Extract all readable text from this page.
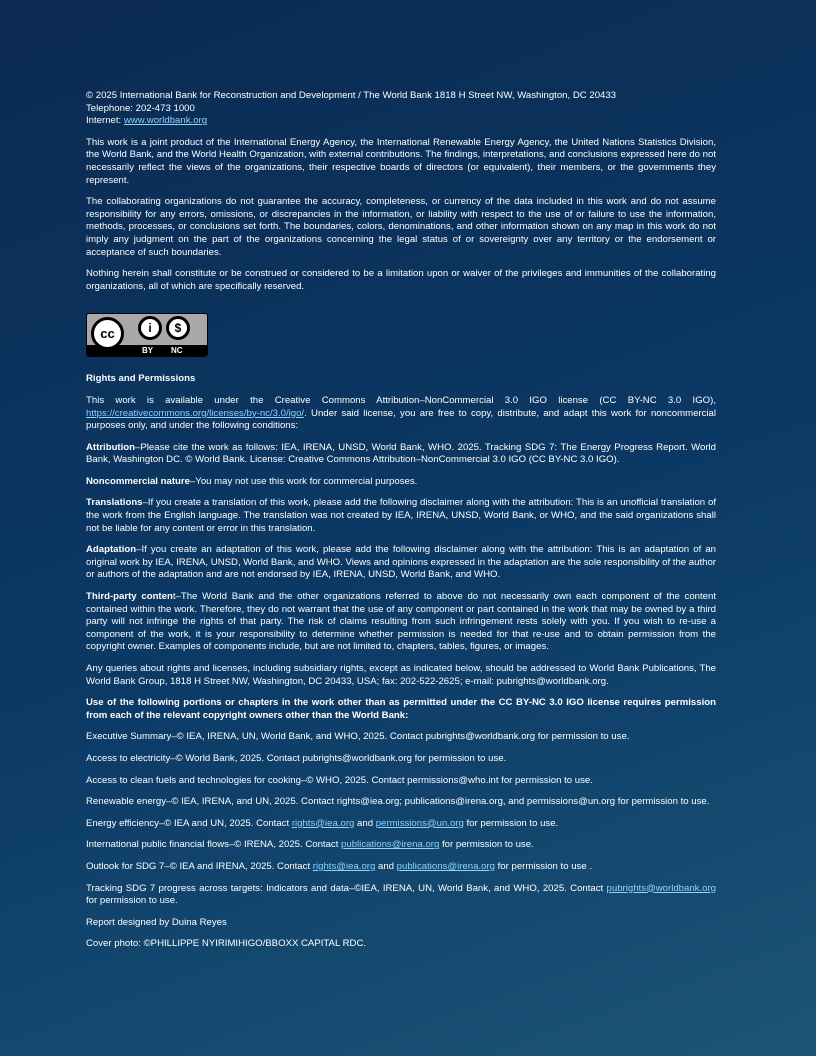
© 2025 International Bank for Reconstruction and Development / The World Bank 1818 H Street NW, Washington, DC 20433

Telephone: 202-473 1000

Internet: www.worldbank.org

This work is a joint product of the International Energy Agency, the International Renewable Energy Agency, the United Nations Statistics Division, the World Bank, and the World Health Organization, with external contributions. The findings, interpretations, and conclusions expressed here do not necessarily reflect the views of the organizations, their respective boards of directors (or equivalent), their members, or the governments they represent.

The collaborating organizations do not guarantee the accuracy, completeness, or currency of the data included in this work and do not assume responsibility for any errors, omissions, or discrepancies in the information, or liability with respect to the use of or failure to use the information, methods, processes, or conclusions set forth. The boundaries, colors, denominations, and other information shown on any map in this work do not imply any judgment on the part of the organizations concerning the legal status of or sovereignty over any territory or the endorsement or acceptance of such boundaries.

Nothing herein shall constitute or be construed or considered to be a limitation upon or waiver of the privileges and immunities of the collaborating organizations, all of which are specifically reserved.

cc	i	$
BY NC

Rights and Permissions

This work is available under the Creative Commons Attribution–NonCommercial 3.0 IGO license (CC BY-NC 3.0 IGO), https://creativecommons.org/licenses/by-nc/3.0/igo/. Under said license, you are free to copy, distribute, and adapt this work for noncommercial purposes only, and under the following conditions:

Attribution–Please cite the work as follows: IEA, IRENA, UNSD, World Bank, WHO. 2025. Tracking SDG 7: The Energy Progress Report. World Bank, Washington DC. © World Bank. License: Creative Commons Attribution–NonCommercial 3.0 IGO (CC BY-NC 3.0 IGO).

Noncommercial nature–You may not use this work for commercial purposes.

Translations–If you create a translation of this work, please add the following disclaimer along with the attribution: This is an unofficial translation of the work from the English language. The translation was not created by IEA, IRENA, UNSD, World Bank, or WHO, and the said organizations shall not be liable for any content or error in this translation.

Adaptation–If you create an adaptation of this work, please add the following disclaimer along with the attribution: This is an adaptation of an original work by IEA, IRENA, UNSD, World Bank, and WHO. Views and opinions expressed in the adaptation are the sole responsibility of the author or authors of the adaptation and are not endorsed by IEA, IRENA, UNSD, World Bank, and WHO.

Third-party content–The World Bank and the other organizations referred to above do not necessarily own each component of the content contained within the work. Therefore, they do not warrant that the use of any component or part contained in the work that may be owned by a third party will not infringe the rights of that party. The risk of claims resulting from such infringement rests solely with you. If you wish to re-use a component of the work, it is your responsibility to determine whether permission is needed for that re-use and to obtain permission from the copyright owner. Examples of components include, but are not limited to, chapters, tables, figures, or images.

Any queries about rights and licenses, including subsidiary rights, except as indicated below, should be addressed to World Bank Publications, The World Bank Group, 1818 H Street NW, Washington, DC 20433, USA; fax: 202-522-2625; e-mail: pubrights@worldbank.org.

Use of the following portions or chapters in the work other than as permitted under the CC BY-NC 3.0 IGO license requires permission from each of the relevant copyright owners other than the World Bank:

Executive Summary–© IEA, IRENA, UN, World Bank, and WHO, 2025. Contact pubrights@worldbank.org for permission to use.

Access to electricity–© World Bank, 2025. Contact pubrights@worldbank.org for permission to use.

Access to clean fuels and technologies for cooking–© WHO, 2025. Contact permissions@who.int for permission to use.

Renewable energy–© IEA, IRENA, and UN, 2025. Contact rights@iea.org; publications@irena.org, and permissions@un.org for permission to use.

Energy efficiency–© IEA and UN, 2025. Contact rights@iea.org and permissions@un.org for permission to use.

International public financial flows–© IRENA, 2025. Contact publications@irena.org for permission to use.

Outlook for SDG 7–© IEA and IRENA, 2025. Contact rights@iea.org and publications@irena.org for permission to use .

Tracking SDG 7 progress across targets: Indicators and data–©IEA, IRENA, UN, World Bank, and WHO, 2025. Contact pubrights@worldbank.org for permission to use.

Report designed by Duina Reyes

Cover photo: ©PHILLIPPE NYIRIMIHIGO/BBOXX CAPITAL RDC.
